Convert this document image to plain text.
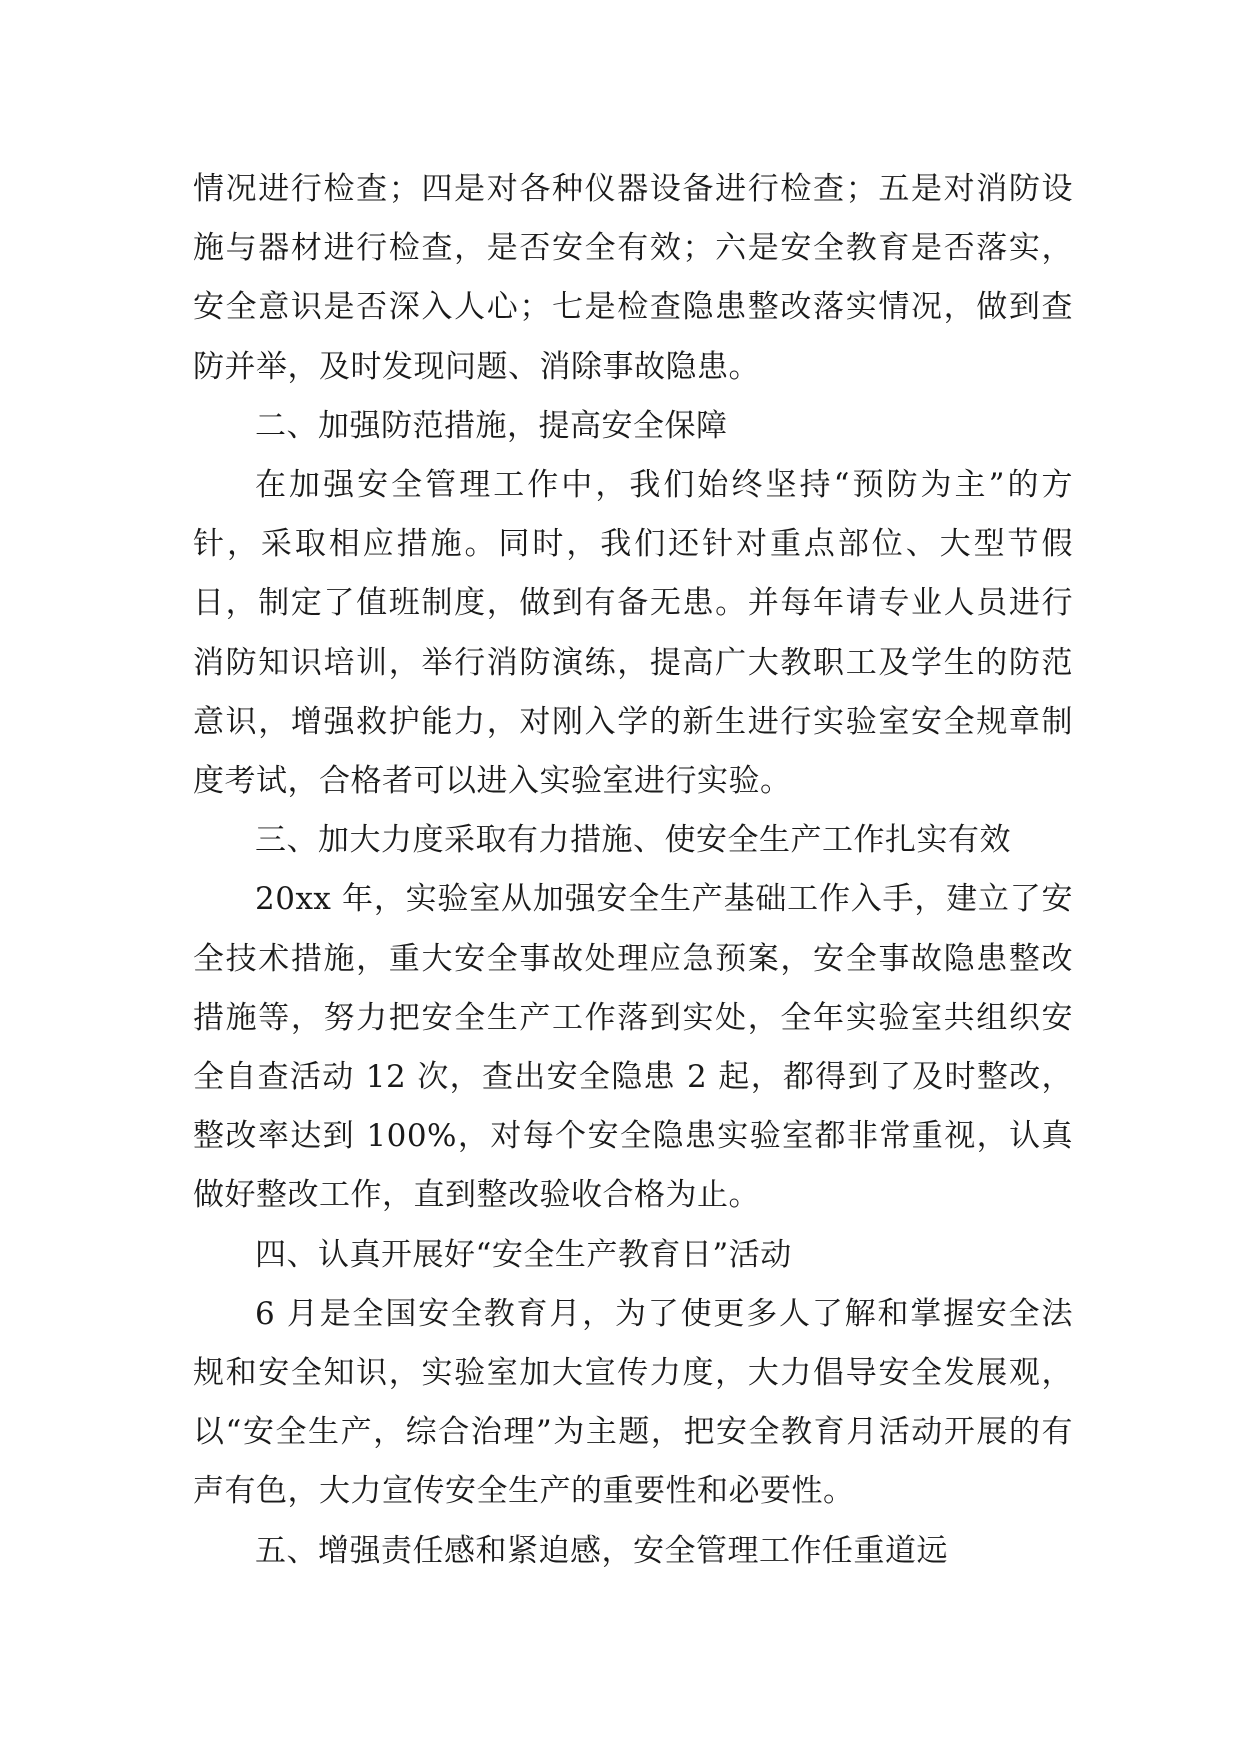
情况进行检查；四是对各种仪器设备进行检查；五是对消防设施与器材进行检查，是否安全有效；六是安全教育是否落实，安全意识是否深入人心；七是检查隐患整改落实情况，做到查防并举，及时发现问题、消除事故隐患。

二、加强防范措施，提高安全保障

在加强安全管理工作中，我们始终坚持“预防为主”的方针，采取相应措施。同时，我们还针对重点部位、大型节假日，制定了值班制度，做到有备无患。并每年请专业人员进行消防知识培训，举行消防演练，提高广大教职工及学生的防范意识，增强救护能力，对刚入学的新生进行实验室安全规章制度考试，合格者可以进入实验室进行实验。

三、加大力度采取有力措施、使安全生产工作扎实有效

20xx 年，实验室从加强安全生产基础工作入手，建立了安全技术措施，重大安全事故处理应急预案，安全事故隐患整改措施等，努力把安全生产工作落到实处，全年实验室共组织安全自查活动 12 次，查出安全隐患 2 起，都得到了及时整改，整改率达到 100%，对每个安全隐患实验室都非常重视，认真做好整改工作，直到整改验收合格为止。

四、认真开展好“安全生产教育日”活动

6 月是全国安全教育月，为了使更多人了解和掌握安全法规和安全知识，实验室加大宣传力度，大力倡导安全发展观，以“安全生产，综合治理”为主题，把安全教育月活动开展的有声有色，大力宣传安全生产的重要性和必要性。

五、增强责任感和紧迫感，安全管理工作任重道远
